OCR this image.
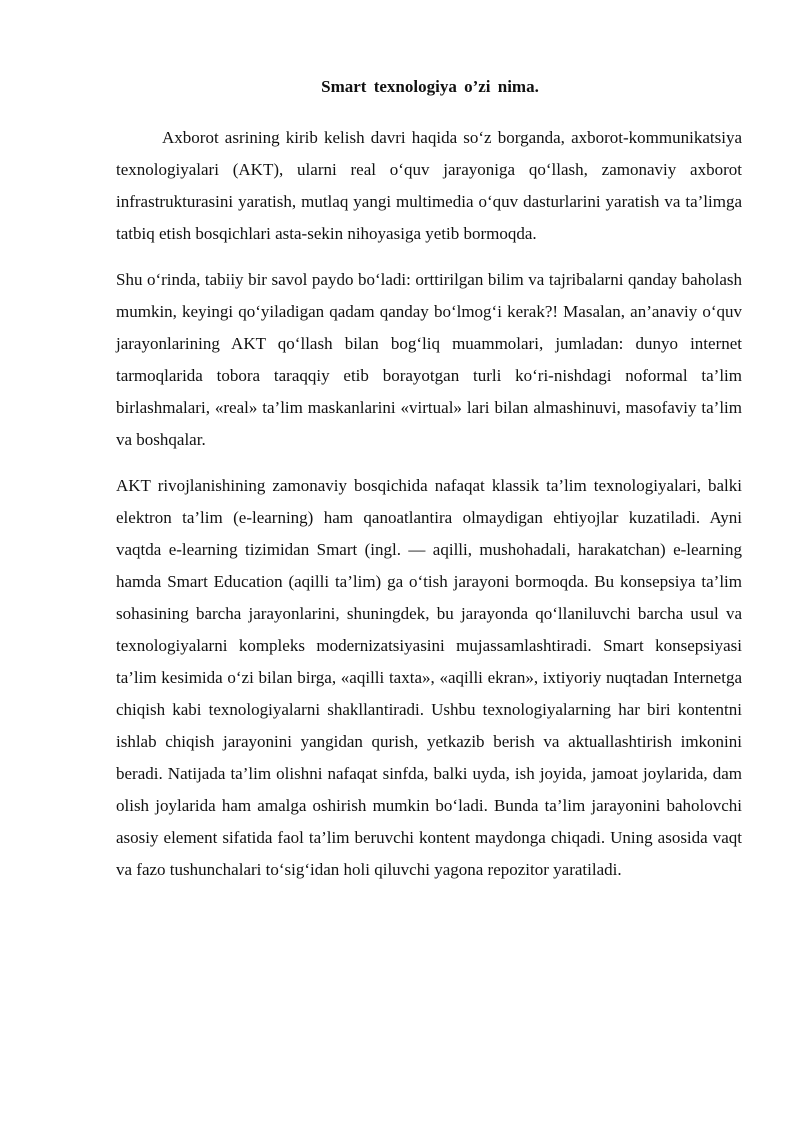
Smart texnologiya o’zi nima.

Axborot asrining kirib kelish davri haqida so‘z borganda, axborot-kommunikatsiya texnologiyalari (AKT), ularni real o‘quv jarayoniga qo‘llash, zamonaviy axborot infrastrukturasini yaratish, mutlaq yangi multimedia o‘quv dasturlarini yaratish va ta’limga tatbiq etish bosqichlari asta-sekin nihoyasiga yetib bormoqda.

Shu o‘rinda, tabiiy bir savol paydo bo‘ladi: orttirilgan bilim va tajribalarni qanday baholash mumkin, keyingi qo‘yiladigan qadam qanday bo‘lmog‘i kerak?! Masalan, an’anaviy o‘quv jarayonlarining AKT qo‘llash bilan bog‘liq muammolari, jumladan: dunyo internet tarmoqlarida tobora taraqqiy etib borayotgan turli ko‘ri-nishdagi noformal ta’lim birlashmalari, «real» ta’lim maskanlarini «virtual» lari bilan almashinuvi, masofaviy ta’lim va boshqalar.

AKT rivojlanishining zamonaviy bosqichida nafaqat klassik ta’lim texnologiyalari, balki elektron ta’lim (e-learning) ham qanoatlantira olmaydigan ehtiyojlar kuzatiladi. Ayni vaqtda e-learning tizimidan Smart (ingl. — aqilli, mushohadali, harakatchan) e-learning hamda Smart Education (aqilli ta’lim) ga o‘tish jarayoni bormoqda. Bu konsepsiya ta’lim sohasining barcha jarayonlarini, shuningdek, bu jarayonda qo‘llaniluvchi barcha usul va texnologiyalarni kompleks modernizatsiyasini mujassamlashtiradi. Smart konsepsiyasi ta’lim kesimida o‘zi bilan birga, «aqilli taxta», «aqilli ekran», ixtiyoriy nuqtadan Internetga chiqish kabi texnologiyalarni shakllantiradi. Ushbu texnologiyalarning har biri kontentni ishlab chiqish jarayonini yangidan qurish, yetkazib berish va aktuallashtirish imkonini beradi. Natijada ta’lim olishni nafaqat sinfda, balki uyda, ish joyida, jamoat joylarida, dam olish joylarida ham amalga oshirish mumkin bo‘ladi. Bunda ta’lim jarayonini baholovchi asosiy element sifatida faol ta’lim beruvchi kontent maydonga chiqadi. Uning asosida vaqt va fazo tushunchalari to‘sig‘idan holi qiluvchi yagona repozitor yaratiladi.
